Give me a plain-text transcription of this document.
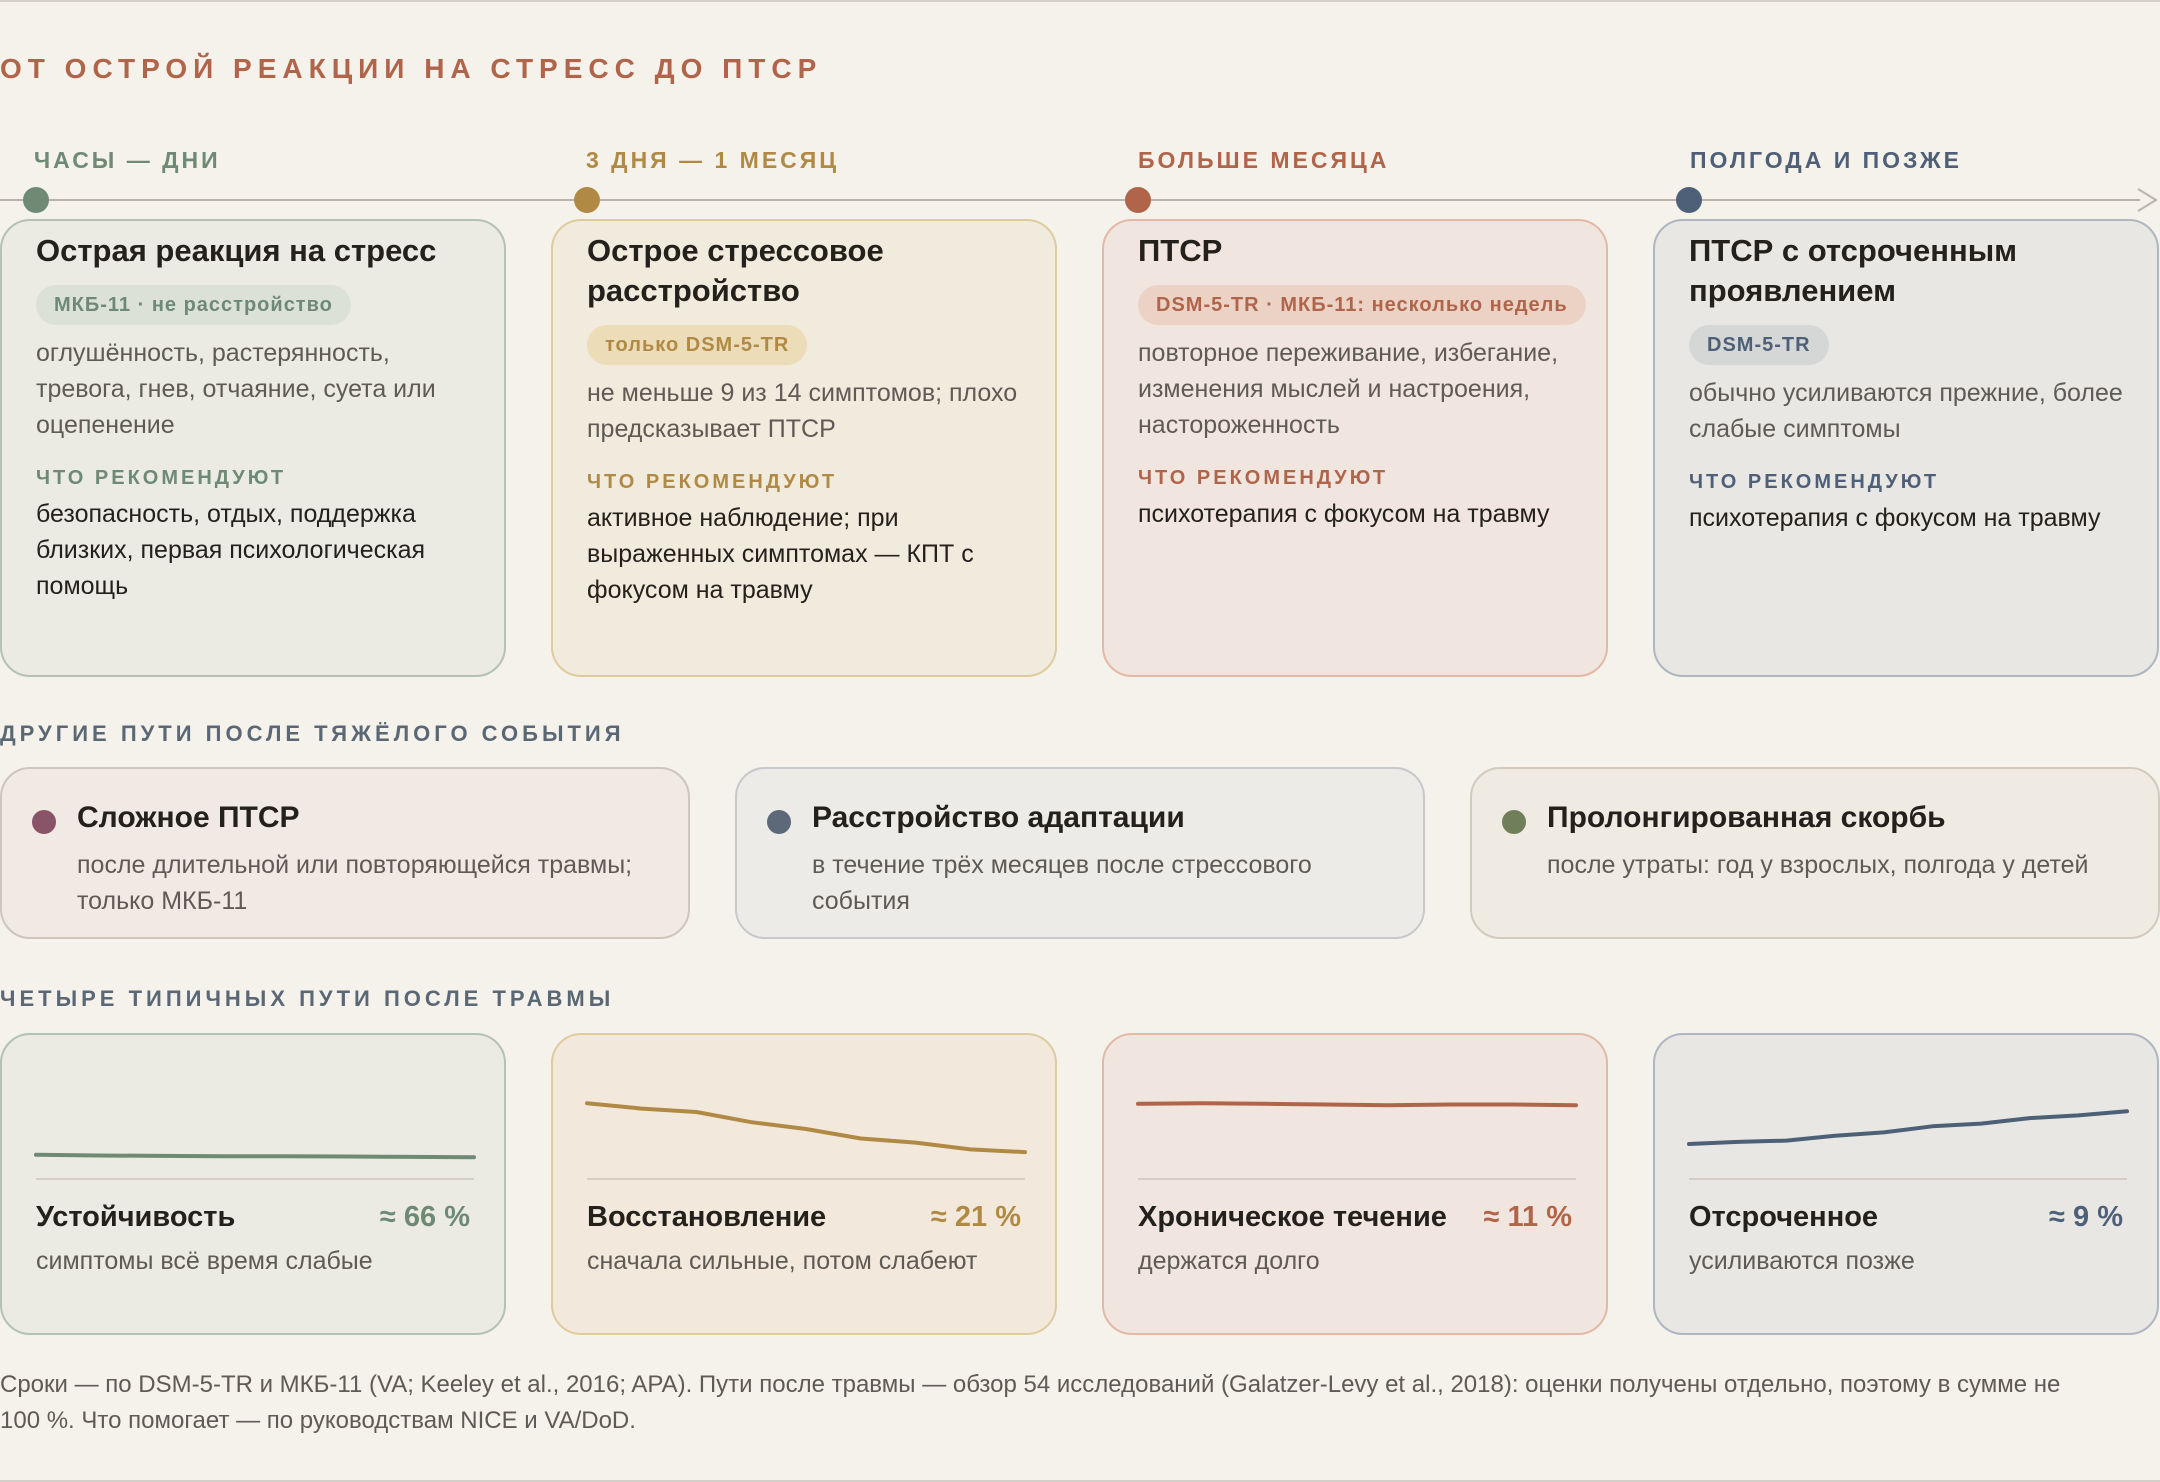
ОТ ОСТРОЙ РЕАКЦИИ НА СТРЕСС ДО ПТСР
ЧАСЫ — ДНИ	3 ДНЯ — 1 МЕСЯЦ	БОЛЬШЕ МЕСЯЦА	ПОЛГОДА И ПОЗЖЕ
Острая реакция на стресс
МКБ-11 · не расстройство
оглушённость, растерянность, тревога, гнев, отчаяние, суета или оцепенение
ЧТО РЕКОМЕНДУЮТ
безопасность, отдых, поддержка близких, первая психологическая помощь
Острое стрессовое расстройство
только DSM-5-TR
не меньше 9 из 14 симптомов; плохо предсказывает ПТСР
ЧТО РЕКОМЕНДУЮТ
активное наблюдение; при выраженных симптомах — КПТ с фокусом на травму
ПТСР
DSM-5-TR · МКБ-11: несколько недель
повторное переживание, избегание, изменения мыслей и настроения, настороженность
ЧТО РЕКОМЕНДУЮТ
психотерапия с фокусом на травму
ПТСР с отсроченным проявлением
DSM-5-TR
обычно усиливаются прежние, более слабые симптомы
ЧТО РЕКОМЕНДУЮТ
психотерапия с фокусом на травму
ДРУГИЕ ПУТИ ПОСЛЕ ТЯЖЁЛОГО СОБЫТИЯ
Сложное ПТСР
после длительной или повторяющейся травмы; только МКБ-11
Расстройство адаптации
в течение трёх месяцев после стрессового события
Пролонгированная скорбь
после утраты: год у взрослых, полгода у детей
ЧЕТЫРЕ ТИПИЧНЫХ ПУТИ ПОСЛЕ ТРАВМЫ
Устойчивость	≈ 66 %
симптомы всё время слабые
Восстановление	≈ 21 %
сначала сильные, потом слабеют
Хроническое течение ≈ 11 %
держатся долго
Отсроченное	≈ 9 %
усиливаются позже
Сроки — по DSM-5-TR и МКБ-11 (VA; Keeley et al., 2016; APA). Пути после травмы — обзор 54 исследований (Galatzer-Levy et al., 2018): оценки получены отдельно, поэтому в сумме не 100 %. Что помогает — по руководствам NICE и VA/DoD.
